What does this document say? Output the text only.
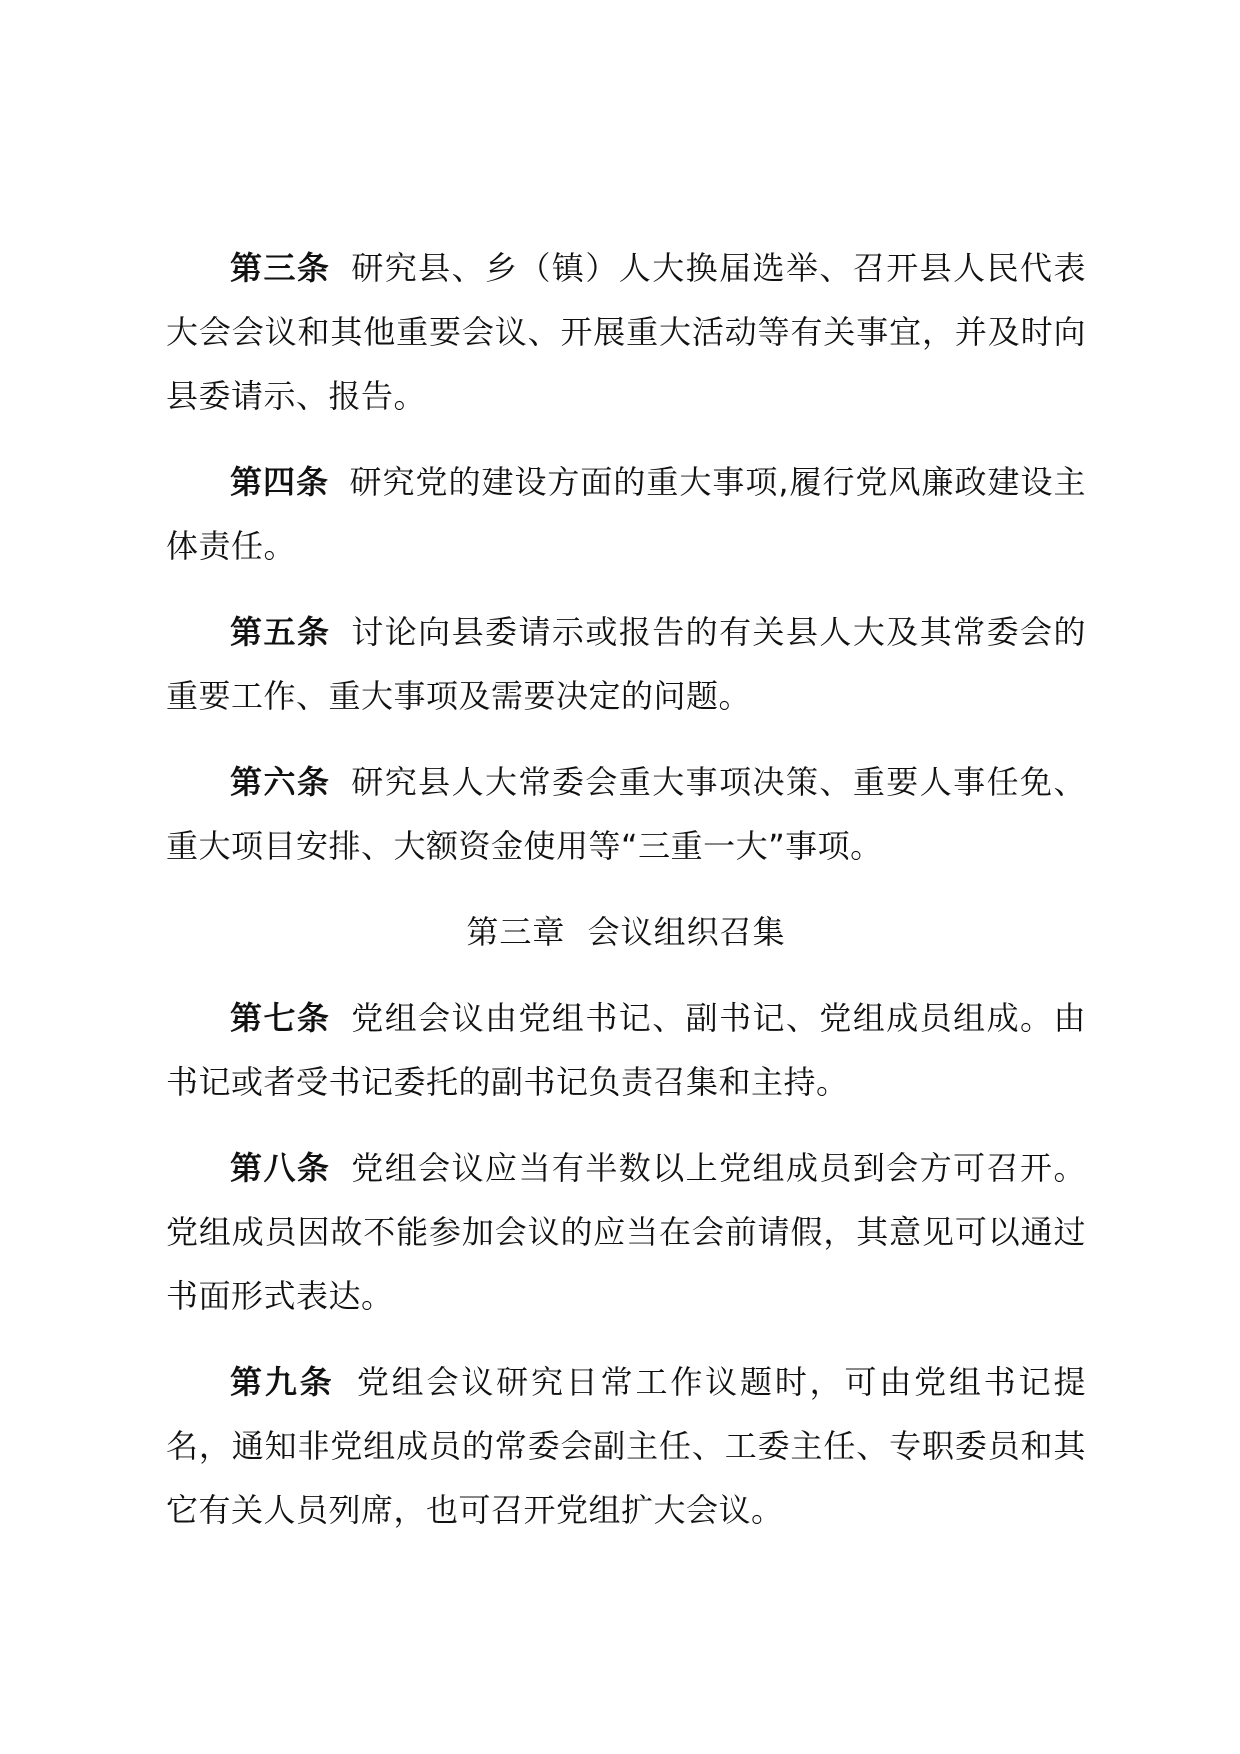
第三条 研究县、乡（镇）人大换届选举、召开县人民代表大会会议和其他重要会议、开展重大活动等有关事宜，并及时向县委请示、报告。

第四条 研究党的建设方面的重大事项,履行党风廉政建设主体责任。

第五条 讨论向县委请示或报告的有关县人大及其常委会的重要工作、重大事项及需要决定的问题。

第六条 研究县人大常委会重大事项决策、重要人事任免、重大项目安排、大额资金使用等“三重一大”事项。

第三章  会议组织召集

第七条 党组会议由党组书记、副书记、党组成员组成。由书记或者受书记委托的副书记负责召集和主持。

第八条 党组会议应当有半数以上党组成员到会方可召开。党组成员因故不能参加会议的应当在会前请假，其意见可以通过书面形式表达。

第九条 党组会议研究日常工作议题时，可由党组书记提名，通知非党组成员的常委会副主任、工委主任、专职委员和其它有关人员列席，也可召开党组扩大会议。
